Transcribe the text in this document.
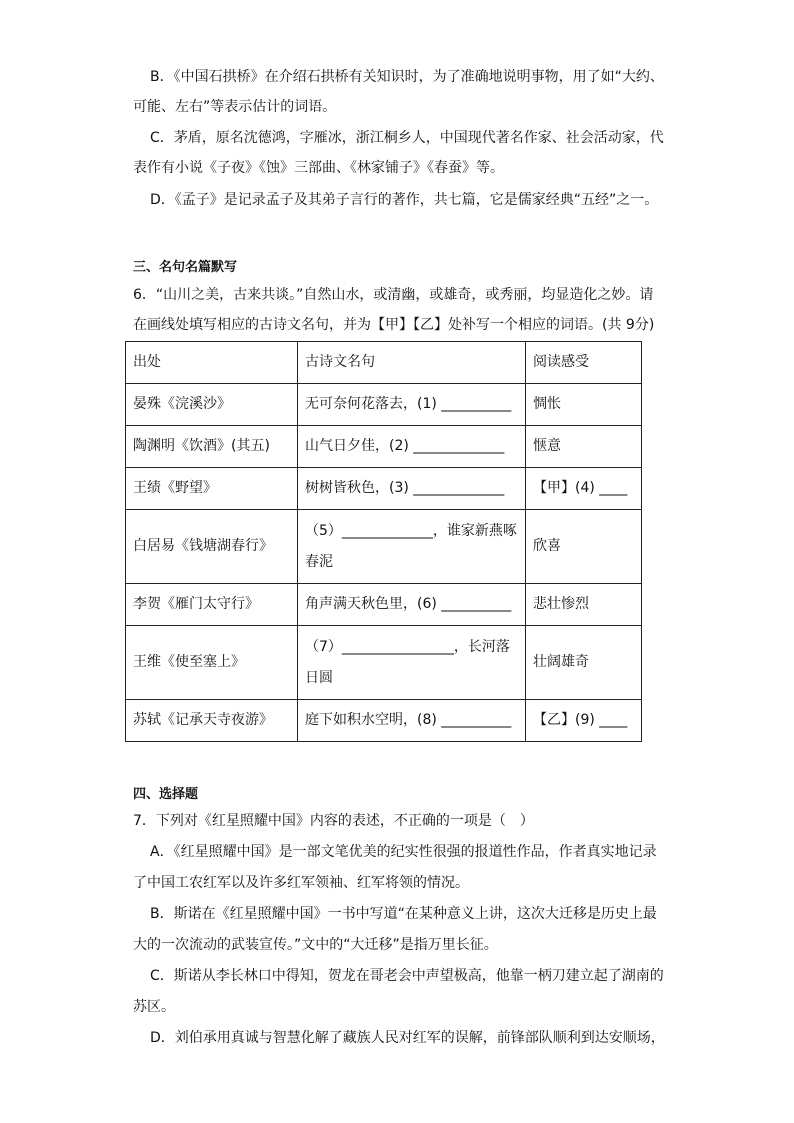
B．《中国石拱桥》在介绍石拱桥有关知识时，为了准确地说明事物，用了如“大约、
可能、左右”等表示估计的词语。
C．茅盾，原名沈德鸿，字雁冰，浙江桐乡人，中国现代著名作家、社会活动家，代
表作有小说《子夜》《蚀》三部曲、《林家铺子》《春蚕》等。
D．《孟子》是记录孟子及其弟子言行的著作，共七篇，它是儒家经典“五经”之一。
三、名句名篇默写
6．“山川之美，古来共谈。”自然山水，或清幽，或雄奇，或秀丽，均显造化之妙。请
在画线处填写相应的古诗文名句，并为【甲】【乙】处补写一个相应的词语。(共 9分)
出处	古诗文名句	阅读感受
晏殊《浣溪沙》	无可奈何花落去，(1) __________	惆怅
陶渊明《饮酒》(其五)	山气日夕佳，(2) _____________	惬意
王绩《野望》	树树皆秋色，(3) _____________	【甲】(4) ____
白居易《钱塘湖春行》	（5）_____________，谁家新燕啄春泥	欣喜
李贺《雁门太守行》	角声满天秋色里，(6) __________	悲壮惨烈
王维《使至塞上》	（7）________________，长河落日圆	壮阔雄奇
苏轼《记承天寺夜游》	庭下如积水空明，(8) __________	【乙】(9) ____
四、选择题
7．下列对《红星照耀中国》内容的表述，不正确的一项是（　）
A．《红星照耀中国》是一部文笔优美的纪实性很强的报道性作品，作者真实地记录
了中国工农红军以及许多红军领袖、红军将领的情况。
B．斯诺在《红星照耀中国》一书中写道“在某种意义上讲，这次大迁移是历史上最
大的一次流动的武装宣传。”文中的“大迁移”是指万里长征。
C．斯诺从李长林口中得知，贺龙在哥老会中声望极高，他靠一柄刀建立起了湖南的
苏区。
D．刘伯承用真诚与智慧化解了藏族人民对红军的误解，前锋部队顺利到达安顺场，
